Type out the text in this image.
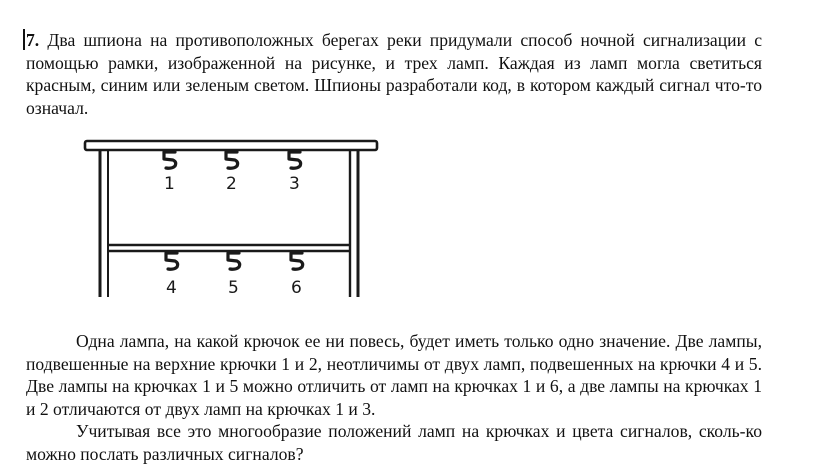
7. Два шпиона на противоположных берегах реки придумали способ ночной сигнализации с помощью рамки, изображенной на рисунке, и трех ламп. Каждая из ламп могла светиться красным, синим или зеленым светом. Шпионы разработали код, в котором каждый сигнал что-то означал.

1	2	3
4	5	6

Одна лампа, на какой крючок ее ни повесь, будет иметь только одно значение. Две лампы, подвешенные на верхние крючки 1 и 2, неотличимы от двух ламп, подвешенных на крючки 4 и 5. Две лампы на крючках 1 и 5 можно отличить от ламп на крючках 1 и 6, а две лампы на крючках 1 и 2 отличаются от двух ламп на крючках 1 и 3.

Учитывая все это многообразие положений ламп на крючках и цвета сигналов, сколь-ко можно послать различных сигналов?
